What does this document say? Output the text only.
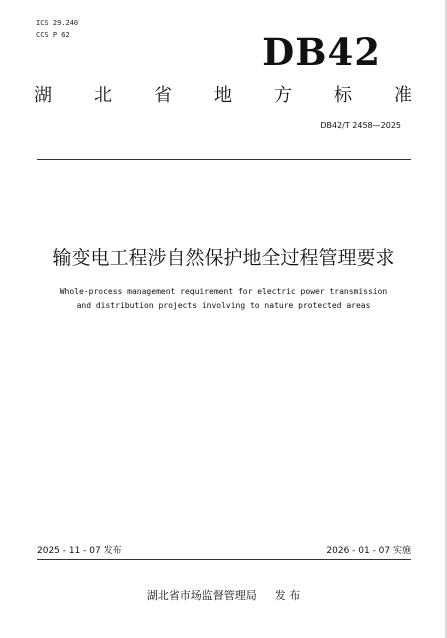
ICS 29.240
CCS P 62	DB42
湖 北 省 地 方 标 准
DB42/T 2458—2025
输变电工程涉自然保护地全过程管理要求
Whole-process management requirement for electric power transmission
and distribution projects involving to nature protected areas
2025 - 11 - 07 发布	2026 - 01 - 07 实施
湖北省市场监督管理局 发 布
